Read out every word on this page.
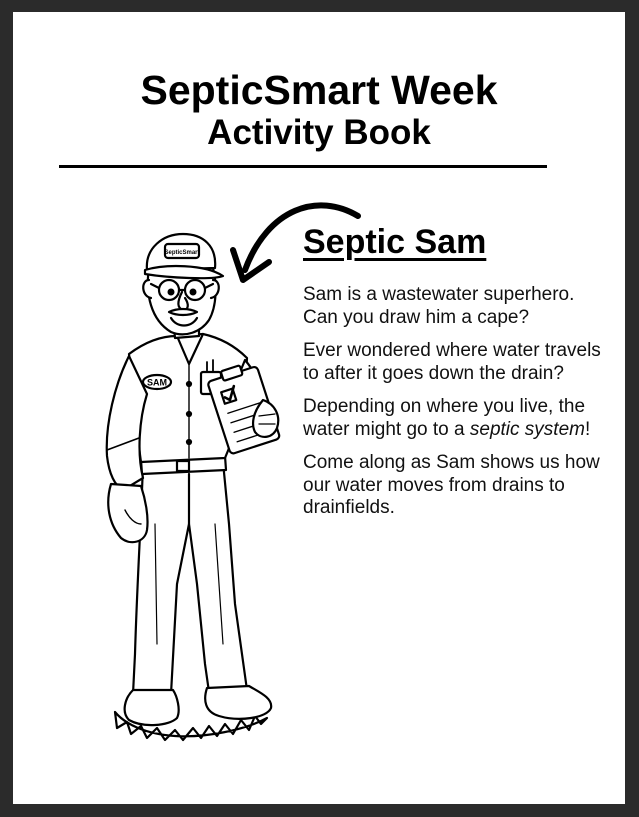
SepticSmart Week
Activity Book
Septic Sam

Sam is a wastewater superhero. Can you draw him a cape?

Ever wondered where water travels to after it goes down the drain?

Depending on where you live, the water might go to a septic system!

Come along as Sam shows us how our water moves from drains to drainfields.

SAM
SepticSmart
